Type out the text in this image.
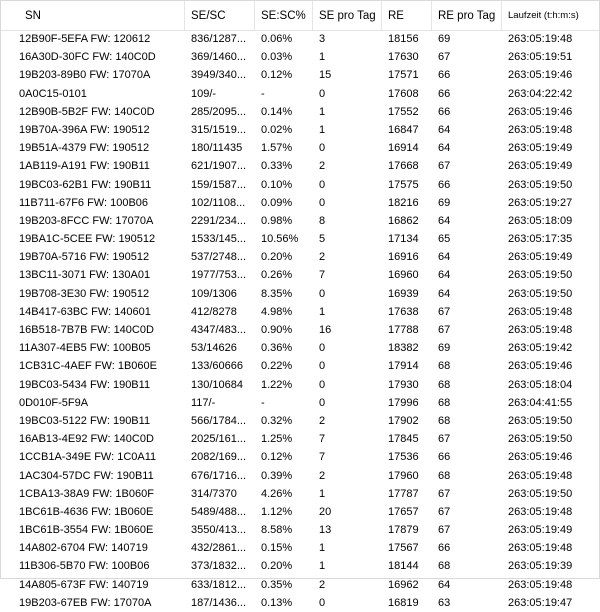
SN	SE/SC	SE:SC%	SE pro Tag	RE	RE pro Tag	Laufzeit (t:h:m:s)
12B90F-5EFA FW: 120612	836/1287...	0.06%	3	18156	69	263:05:19:48
16A30D-30FC FW: 140C0D	369/1460...	0.03%	1	17630	67	263:05:19:51
19B203-89B0 FW: 17070A	3949/340...	0.12%	15	17571	66	263:05:19:46
0A0C15-0101	109/-	-	0	17608	66	263:04:22:42
12B90B-5B2F FW: 140C0D	285/2095...	0.14%	1	17552	66	263:05:19:46
19B70A-396A FW: 190512	315/1519...	0.02%	1	16847	64	263:05:19:48
19B51A-4379 FW: 190512	180/11435	1.57%	0	16914	64	263:05:19:49
1AB119-A191 FW: 190B11	621/1907...	0.33%	2	17668	67	263:05:19:49
19BC03-62B1 FW: 190B11	159/1587...	0.10%	0	17575	66	263:05:19:50
11B711-67F6 FW: 100B06	102/1108...	0.09%	0	18216	69	263:05:19:27
19B203-8FCC FW: 17070A	2291/234...	0.98%	8	16862	64	263:05:18:09
19BA1C-5CEE FW: 190512	1533/145...	10.56%	5	17134	65	263:05:17:35
19B70A-5716 FW: 190512	537/2748...	0.20%	2	16916	64	263:05:19:49
13BC11-3071 FW: 130A01	1977/753...	0.26%	7	16960	64	263:05:19:50
19B708-3E30 FW: 190512	109/1306	8.35%	0	16939	64	263:05:19:50
14B417-63BC FW: 140601	412/8278	4.98%	1	17638	67	263:05:19:48
16B518-7B7B FW: 140C0D	4347/483...	0.90%	16	17788	67	263:05:19:48
11A307-4EB5 FW: 100B05	53/14626	0.36%	0	18382	69	263:05:19:42
1CB31C-4AEF FW: 1B060E	133/60666	0.22%	0	17914	68	263:05:19:46
19BC03-5434 FW: 190B11	130/10684	1.22%	0	17930	68	263:05:18:04
0D010F-5F9A	117/-	-	0	17996	68	263:04:41:55
19BC03-5122 FW: 190B11	566/1784...	0.32%	2	17902	68	263:05:19:50
16AB13-4E92 FW: 140C0D	2025/161...	1.25%	7	17845	67	263:05:19:50
1CCB1A-349E FW: 1C0A11	2082/169...	0.12%	7	17536	66	263:05:19:46
1AC304-57DC FW: 190B11	676/1716...	0.39%	2	17960	68	263:05:19:48
1CBA13-38A9 FW: 1B060F	314/7370	4.26%	1	17787	67	263:05:19:50
1BC61B-4636 FW: 1B060E	5489/488...	1.12%	20	17657	67	263:05:19:48
1BC61B-3554 FW: 1B060E	3550/413...	8.58%	13	17879	67	263:05:19:49
14A802-6704 FW: 140719	432/2861...	0.15%	1	17567	66	263:05:19:48
11B306-5B70 FW: 100B06	373/1832...	0.20%	1	18144	68	263:05:19:39
14A805-673F FW: 140719	633/1812...	0.35%	2	16962	64	263:05:19:48
19B203-67EB FW: 17070A	187/1436...	0.13%	0	16819	63	263:05:19:47
